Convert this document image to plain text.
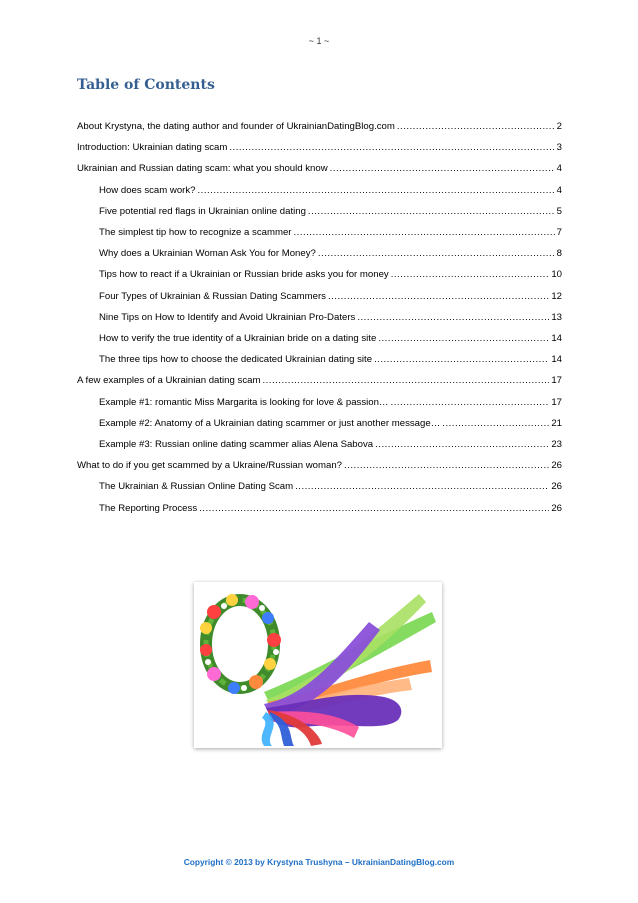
~ 1 ~
Table of Contents
About Krystyna, the dating author and founder of UkrainianDatingBlog.com .....	2
Introduction: Ukrainian dating scam .....	3
Ukrainian and Russian dating scam: what you should know .....	4
How does scam work? .....	4
Five potential red flags in Ukrainian online dating .....	5
The simplest tip how to recognize a scammer .....	7
Why does a Ukrainian Woman Ask You for Money? .....	8
Tips how to react if a Ukrainian or Russian bride asks you for money .....	10
Four Types of Ukrainian & Russian Dating Scammers .....	12
Nine Tips on How to Identify and Avoid Ukrainian Pro-Daters .....	13
How to verify the true identity of a Ukrainian bride on a dating site .....	14
The three tips how to choose the dedicated Ukrainian dating site .....	14
A few examples of a Ukrainian dating scam .....	17
Example #1: romantic Miss Margarita is looking for love & passion… .....	17
Example #2: Anatomy of a Ukrainian dating scammer or just another message… .....	21
Example #3: Russian online dating scammer alias Alena Sabova .....	23
What to do if you get scammed by a Ukraine/Russian woman? .....	26
The Ukrainian & Russian Online Dating Scam .....	26
The Reporting Process .....	26
Copyright © 2013 by Krystyna Trushyna – UkrainianDatingBlog.com
